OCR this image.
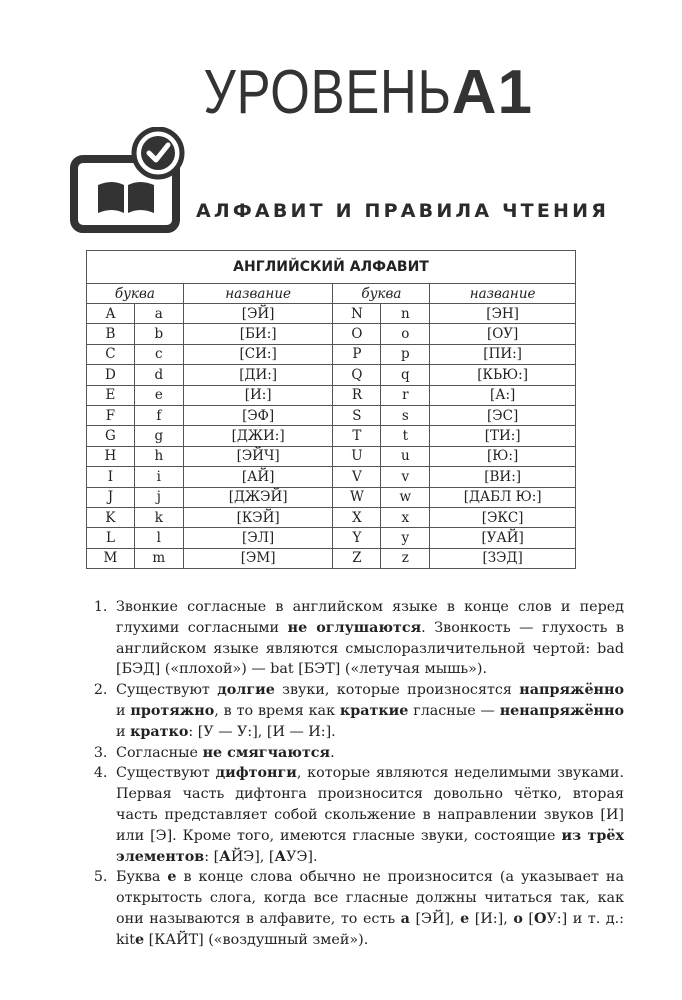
УРОВЕНЬA1
АЛФАВИТ И ПРАВИЛА ЧТЕНИЯ
АНГЛИЙСКИЙ АЛФАВИТ					
буква		название	буква		название
A	a	[ЭЙ]	N	n	[ЭН]
B	b	[БИ:]	O	o	[ОУ]
C	c	[СИ:]	P	p	[ПИ:]
D	d	[ДИ:]	Q	q	[КЬЮ:]
E	e	[И:]	R	r	[А:]
F	f	[ЭФ]	S	s	[ЭС]
G	g	[ДЖИ:]	T	t	[ТИ:]
H	h	[ЭЙЧ]	U	u	[Ю:]
I	i	[АЙ]	V	v	[ВИ:]
J	j	[ДЖЭЙ]	W	w	[ДАБЛ Ю:]
K	k	[КЭЙ]	X	x	[ЭКС]
L	l	[ЭЛ]	Y	y	[УАЙ]
M	m	[ЭМ]	Z	z	[ЗЭД]
1. Звонкие согласные в английском языке в конце слов и перед глухими согласными не оглушаются. Звонкость — глухость в английском языке являются смыслоразличительной чертой: bad [БЭД] («плохой») — bat [БЭТ] («летучая мышь»).
2. Существуют долгие звуки, которые произносятся напряжённо и протяжно, в то время как краткие гласные — ненапряжённо и кратко: [У — У:], [И — И:].
3. Согласные не смягчаются.
4. Существуют дифтонги, которые являются неделимыми звуками. Первая часть дифтонга произносится довольно чётко, вторая часть представляет собой скольжение в направлении звуков [И] или [Э]. Кроме того, имеются гласные звуки, состоящие из трёх элементов: [АЙЭ], [АУЭ].
5. Буква e в конце слова обычно не произносится (а указывает на открытость слога, когда все гласные должны читаться так, как они называются в алфавите, то есть a [ЭЙ], e [И:], o [ОУ:] и т. д.: kite [КАЙТ] («воздушный змей»).
